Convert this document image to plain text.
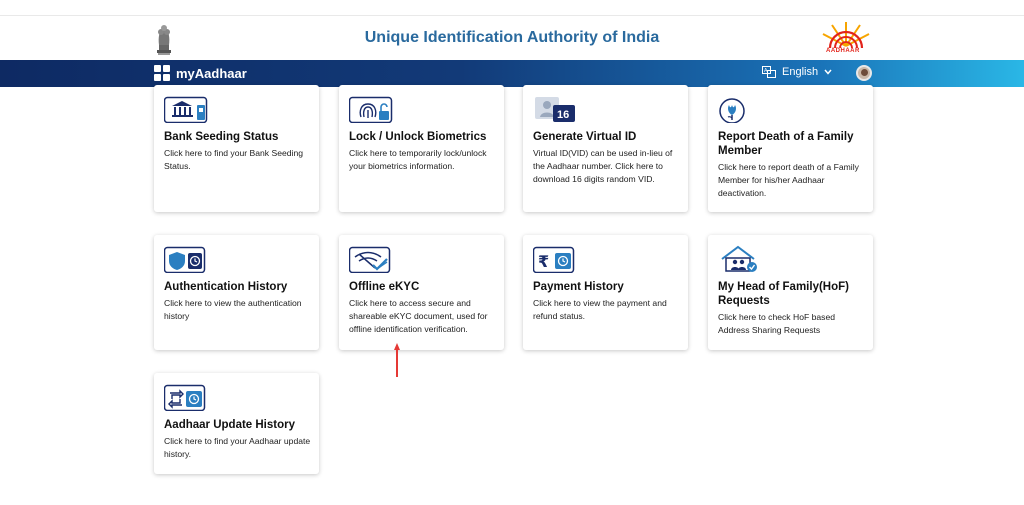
Unique Identification Authority of India
AADHAAR
myAadhaar	A English
Bank Seeding Status
Click here to find your Bank Seeding Status.
Lock / Unlock Biometrics
Click here to temporarily lock/unlock your biometrics information.
16
Generate Virtual ID
Virtual ID(VID) can be used in-lieu of the Aadhaar number. Click here to download 16 digits random VID.
Report Death of a Family Member
Click here to report death of a Family Member for his/her Aadhaar deactivation.
Authentication History
Click here to view the authentication history
Offline eKYC
Click here to access secure and shareable eKYC document, used for offline identification verification.
₹
Payment History
Click here to view the payment and refund status.
My Head of Family(HoF) Requests
Click here to check HoF based Address Sharing Requests
Aadhaar Update History
Click here to find your Aadhaar update history.
